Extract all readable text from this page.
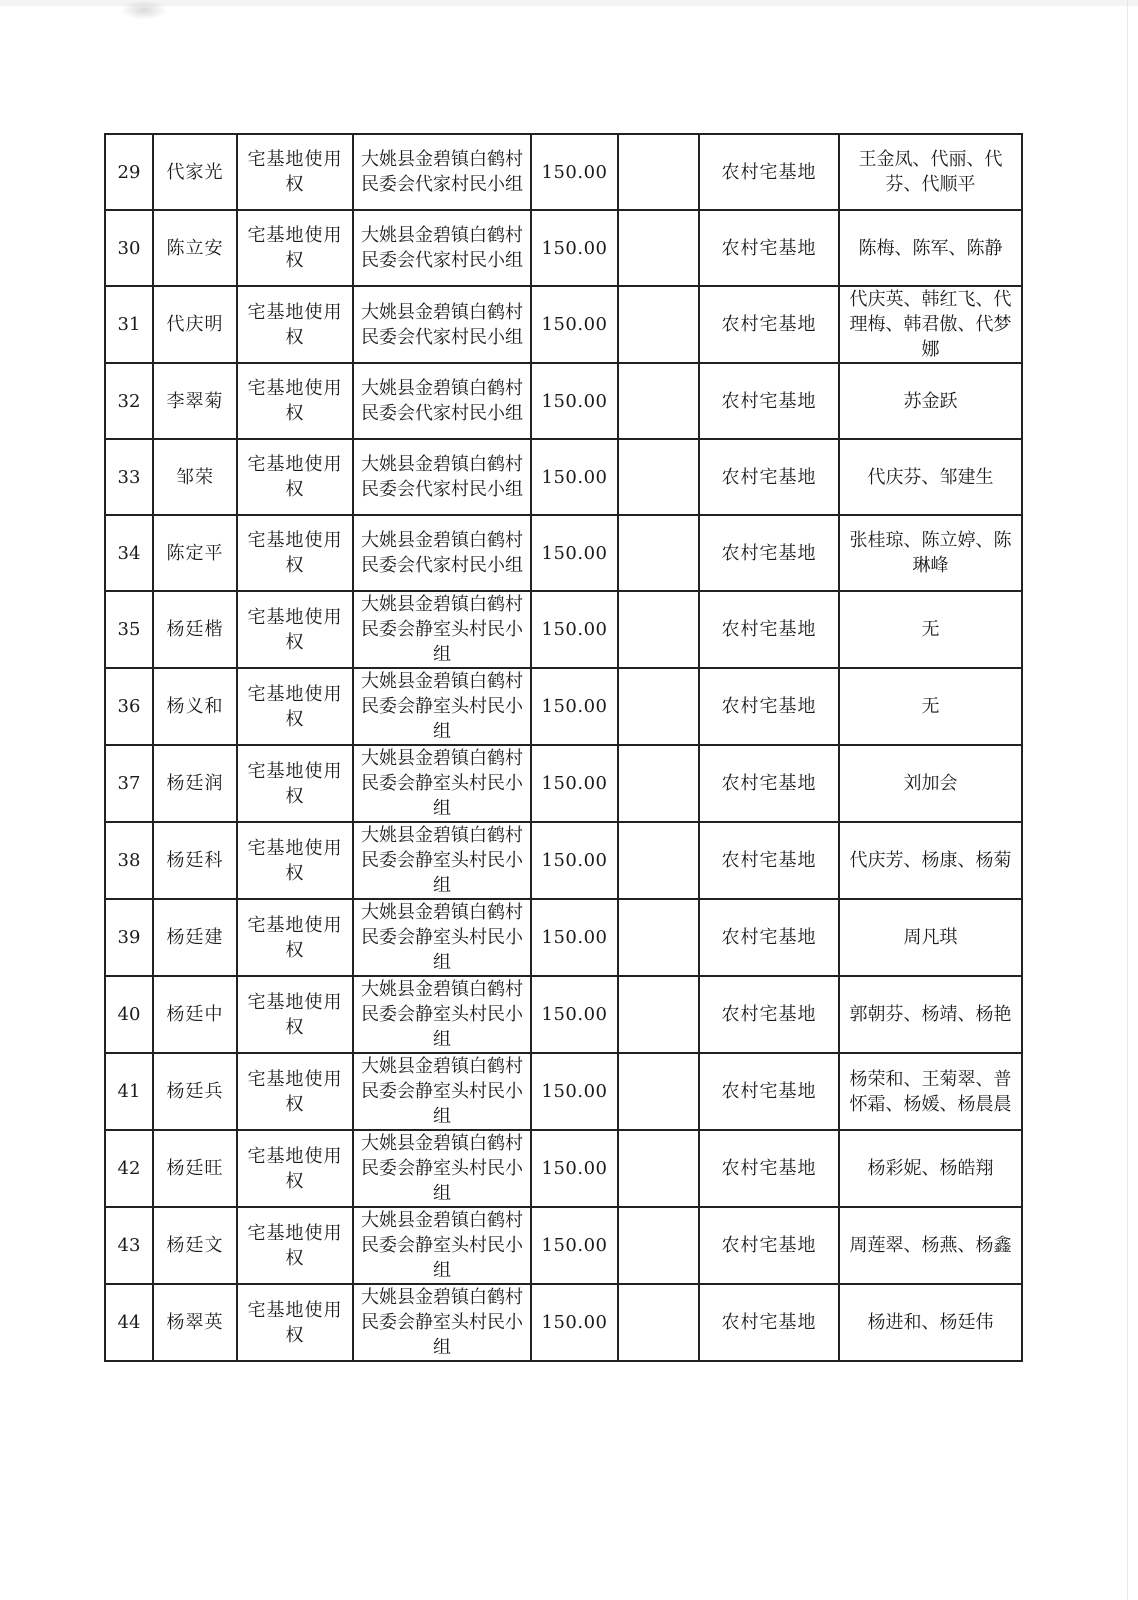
29	代家光	宅基地使用权	大姚县金碧镇白鹤村民委会代家村民小组	150.00		农村宅基地	王金凤、代丽、代芬、代顺平
30	陈立安	宅基地使用权	大姚县金碧镇白鹤村民委会代家村民小组	150.00		农村宅基地	陈梅、陈军、陈静
31	代庆明	宅基地使用权	大姚县金碧镇白鹤村民委会代家村民小组	150.00		农村宅基地	代庆英、韩红飞、代理梅、韩君傲、代梦娜
32	李翠菊	宅基地使用权	大姚县金碧镇白鹤村民委会代家村民小组	150.00		农村宅基地	苏金跃
33	邹荣	宅基地使用权	大姚县金碧镇白鹤村民委会代家村民小组	150.00		农村宅基地	代庆芬、邹建生
34	陈定平	宅基地使用权	大姚县金碧镇白鹤村民委会代家村民小组	150.00		农村宅基地	张桂琼、陈立婷、陈琳峰
35	杨廷楷	宅基地使用权	大姚县金碧镇白鹤村民委会静室头村民小组	150.00		农村宅基地	无
36	杨义和	宅基地使用权	大姚县金碧镇白鹤村民委会静室头村民小组	150.00		农村宅基地	无
37	杨廷润	宅基地使用权	大姚县金碧镇白鹤村民委会静室头村民小组	150.00		农村宅基地	刘加会
38	杨廷科	宅基地使用权	大姚县金碧镇白鹤村民委会静室头村民小组	150.00		农村宅基地	代庆芳、杨康、杨菊
39	杨廷建	宅基地使用权	大姚县金碧镇白鹤村民委会静室头村民小组	150.00		农村宅基地	周凡琪
40	杨廷中	宅基地使用权	大姚县金碧镇白鹤村民委会静室头村民小组	150.00		农村宅基地	郭朝芬、杨靖、杨艳
41	杨廷兵	宅基地使用权	大姚县金碧镇白鹤村民委会静室头村民小组	150.00		农村宅基地	杨荣和、王菊翠、普怀霜、杨媛、杨晨晨
42	杨廷旺	宅基地使用权	大姚县金碧镇白鹤村民委会静室头村民小组	150.00		农村宅基地	杨彩妮、杨皓翔
43	杨廷文	宅基地使用权	大姚县金碧镇白鹤村民委会静室头村民小组	150.00		农村宅基地	周莲翠、杨燕、杨鑫
44	杨翠英	宅基地使用权	大姚县金碧镇白鹤村民委会静室头村民小组	150.00		农村宅基地	杨进和、杨廷伟
